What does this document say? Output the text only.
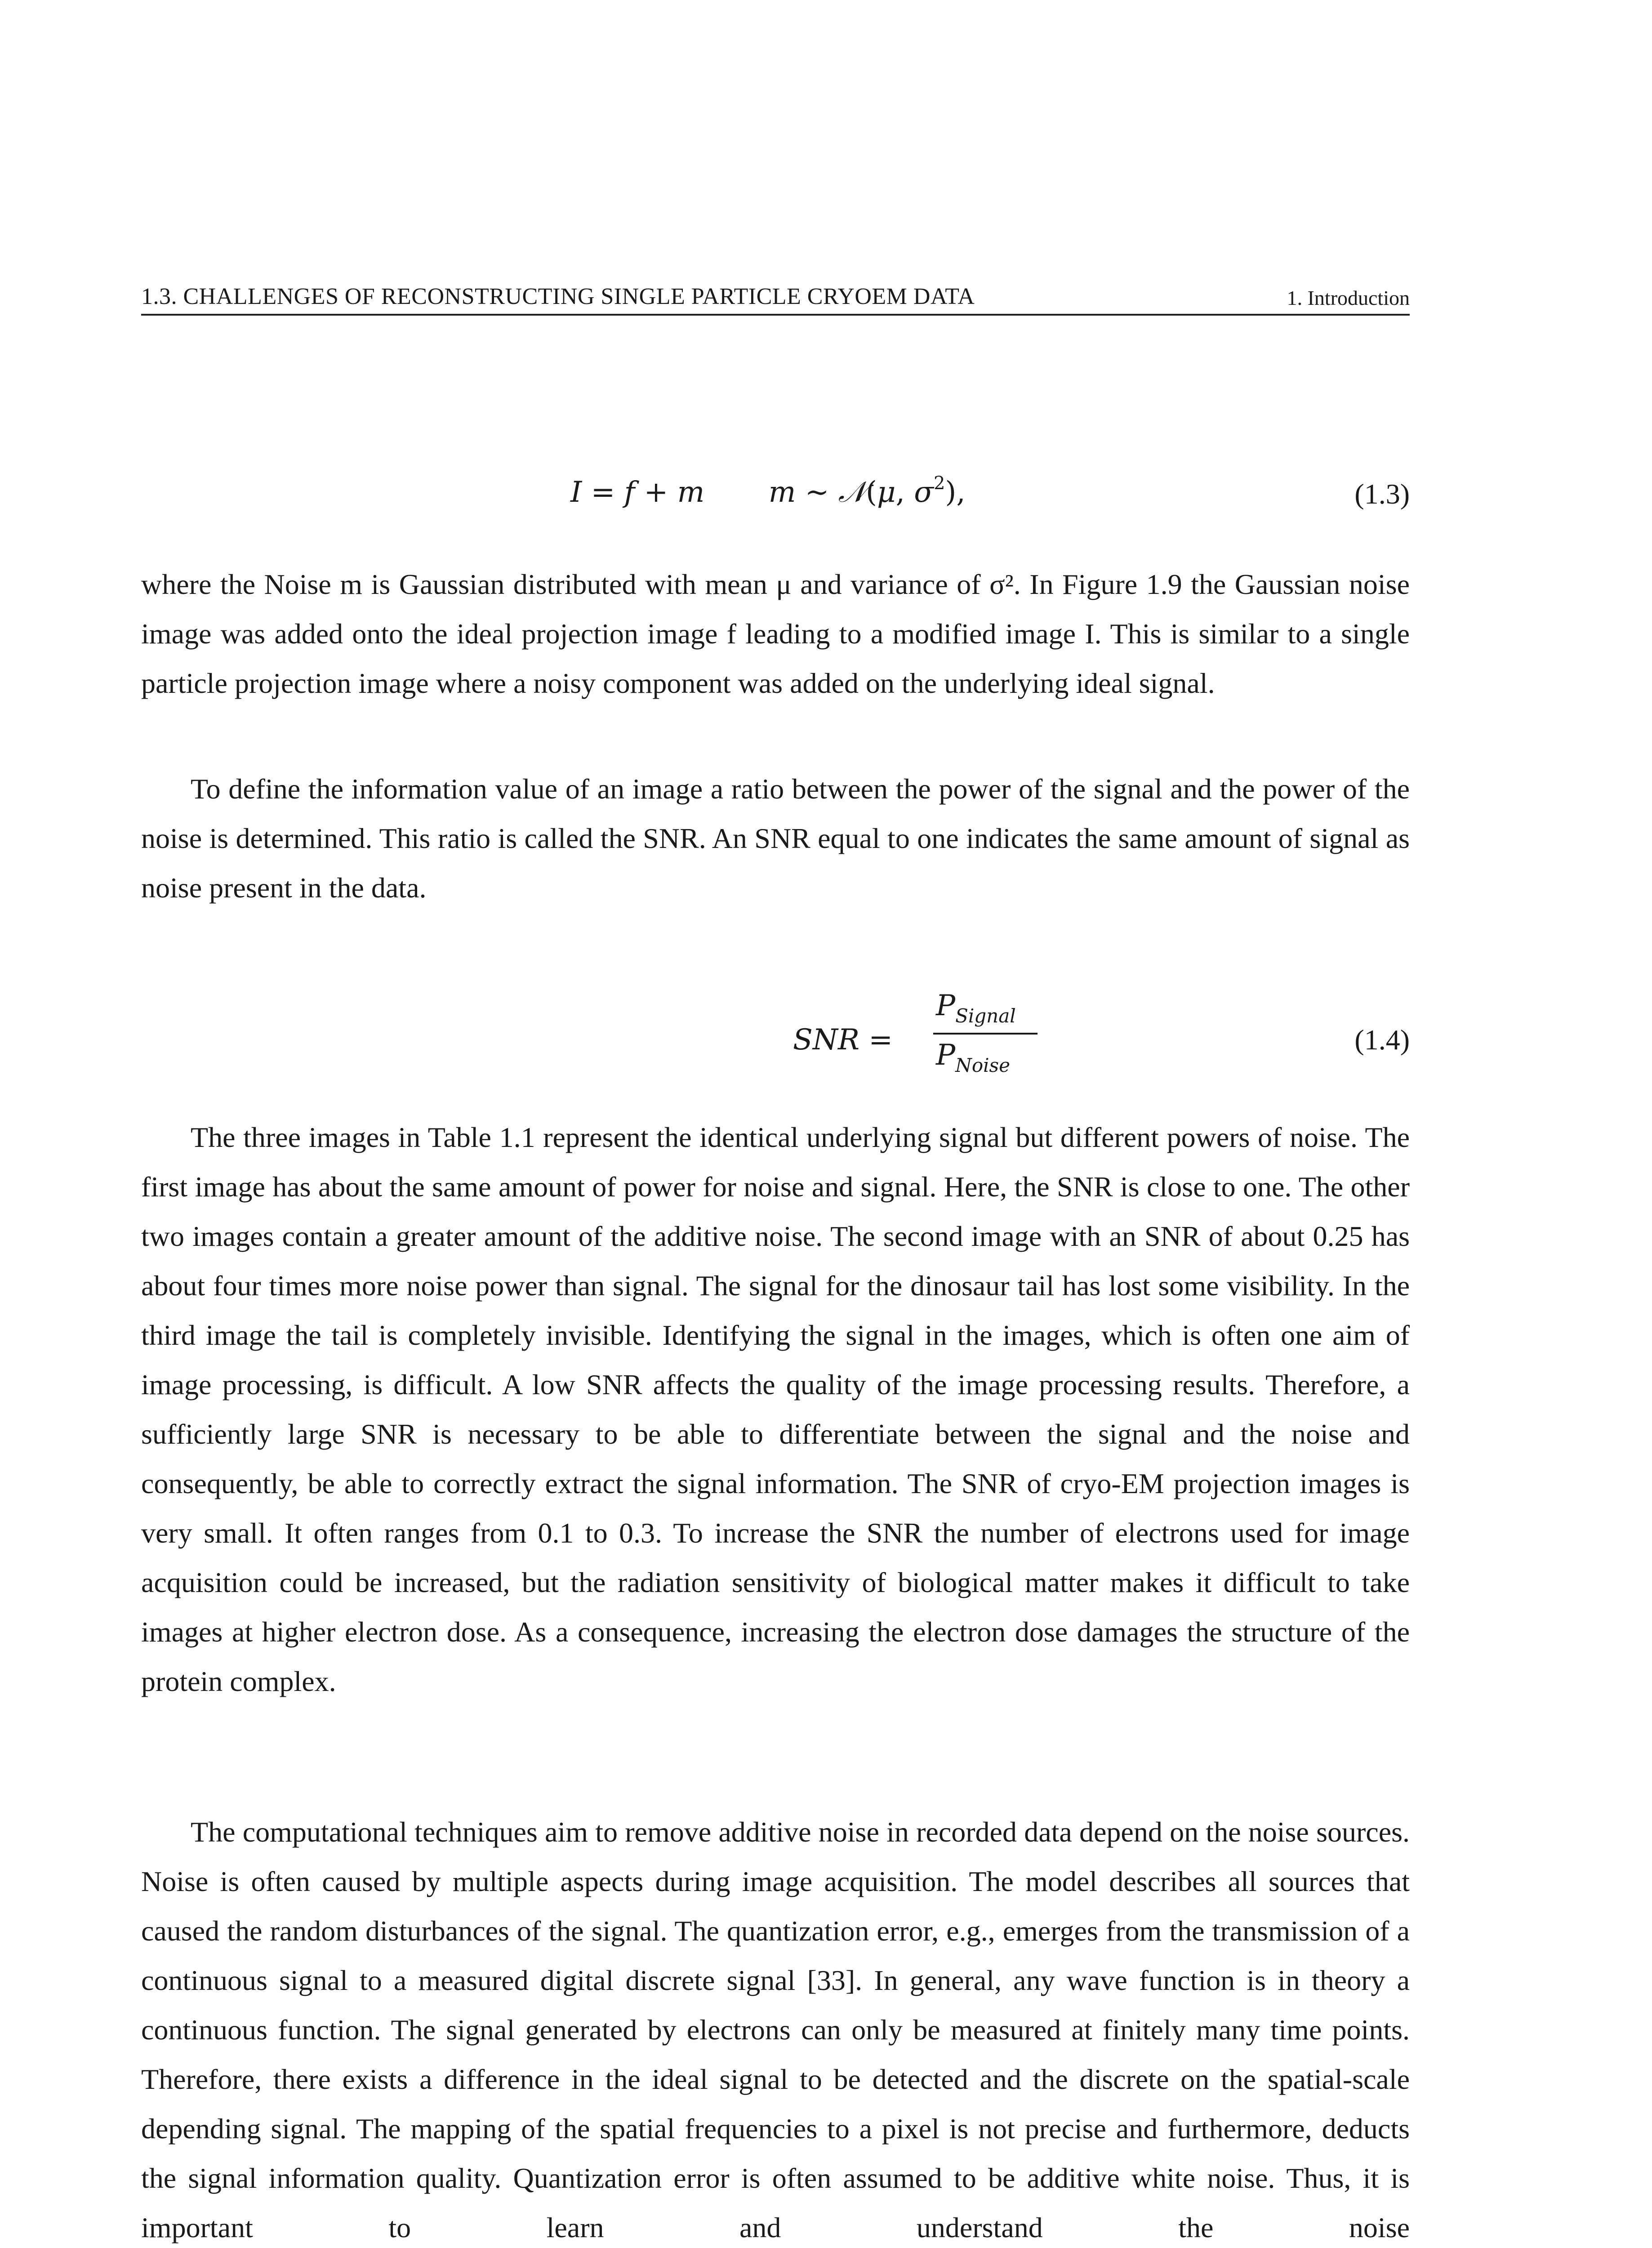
1.3. CHALLENGES OF RECONSTRUCTING SINGLE PARTICLE CRYOEM DATA	1. Introduction
I = f + m       m ∼ 𝒩(μ, $\sigma^2$),	(1.3)

where the Noise m is Gaussian distributed with mean μ and variance of σ². In Figure 1.9 the Gaussian noise image was added onto the ideal projection image f leading to a modified image I. This is similar to a single particle projection image where a noisy component was added on the underlying ideal signal.

To define the information value of an image a ratio between the power of the signal and the power of the noise is determined. This ratio is called the SNR. An SNR equal to one indicates the same amount of signal as noise present in the data.

SNR =
$P_{Signal}$
$P_{Noise}$
(1.4)

The three images in Table 1.1 represent the identical underlying signal but different powers of noise. The first image has about the same amount of power for noise and signal. Here, the SNR is close to one. The other two images contain a greater amount of the additive noise. The second image with an SNR of about 0.25 has about four times more noise power than signal. The signal for the dinosaur tail has lost some visibility. In the third image the tail is completely invisible. Identifying the signal in the images, which is often one aim of image processing, is difficult. A low SNR affects the quality of the image processing results. Therefore, a sufficiently large SNR is necessary to be able to differentiate between the signal and the noise and consequently, be able to correctly extract the signal information. The SNR of cryo-EM projection images is very small. It often ranges from 0.1 to 0.3. To increase the SNR the number of electrons used for image acquisition could be increased, but the radiation sensitivity of biological matter makes it difficult to take images at higher electron dose. As a consequence, increasing the electron dose damages the structure of the protein complex.

The computational techniques aim to remove additive noise in recorded data depend on the noise sources. Noise is often caused by multiple aspects during image acquisition. The model describes all sources that caused the random disturbances of the signal. The quantization error, e.g., emerges from the transmission of a continuous signal to a measured digital discrete signal [33]. In general, any wave function is in theory a continuous function. The signal generated by electrons can only be measured at finitely many time points. Therefore, there exists a difference in the ideal signal to be detected and the discrete on the spatial-scale depending signal. The mapping of the spatial frequencies to a pixel is not precise and furthermore, deducts the signal information quality. Quantization error is often assumed to be additive white noise. Thus, it is important to learn and understand the noise
